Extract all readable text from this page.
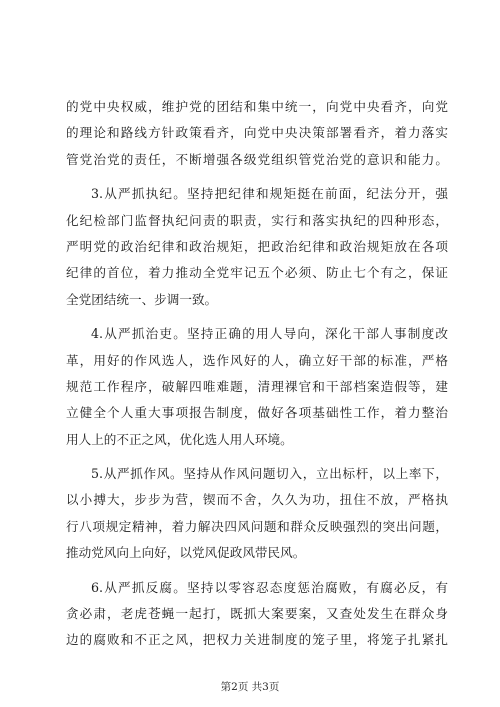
的党中央权威，维护党的团结和集中统一，向党中央看齐，向党
的理论和路线方针政策看齐，向党中央决策部署看齐，着力落实
管党治党的责任，不断增强各级党组织管党治党的意识和能力。
3.从严抓执纪。坚持把纪律和规矩挺在前面，纪法分开，强
化纪检部门监督执纪问责的职责，实行和落实执纪的四种形态，
严明党的政治纪律和政治规矩，把政治纪律和政治规矩放在各项
纪律的首位，着力推动全党牢记五个必须、防止七个有之，保证
全党团结统一、步调一致。
4.从严抓治吏。坚持正确的用人导向，深化干部人事制度改
革，用好的作风选人，选作风好的人，确立好干部的标准，严格
规范工作程序，破解四唯难题，清理裸官和干部档案造假等，建
立健全个人重大事项报告制度，做好各项基础性工作，着力整治
用人上的不正之风，优化选人用人环境。
5.从严抓作风。坚持从作风问题切入，立出标杆，以上率下，
以小搏大，步步为营，锲而不舍，久久为功，扭住不放，严格执
行八项规定精神，着力解决四风问题和群众反映强烈的突出问题，
推动党风向上向好，以党风促政风带民风。
6.从严抓反腐。坚持以零容忍态度惩治腐败，有腐必反，有
贪必肃，老虎苍蝇一起打，既抓大案要案，又查处发生在群众身
边的腐败和不正之风，把权力关进制度的笼子里，将笼子扎紧扎
第2页 共3页
